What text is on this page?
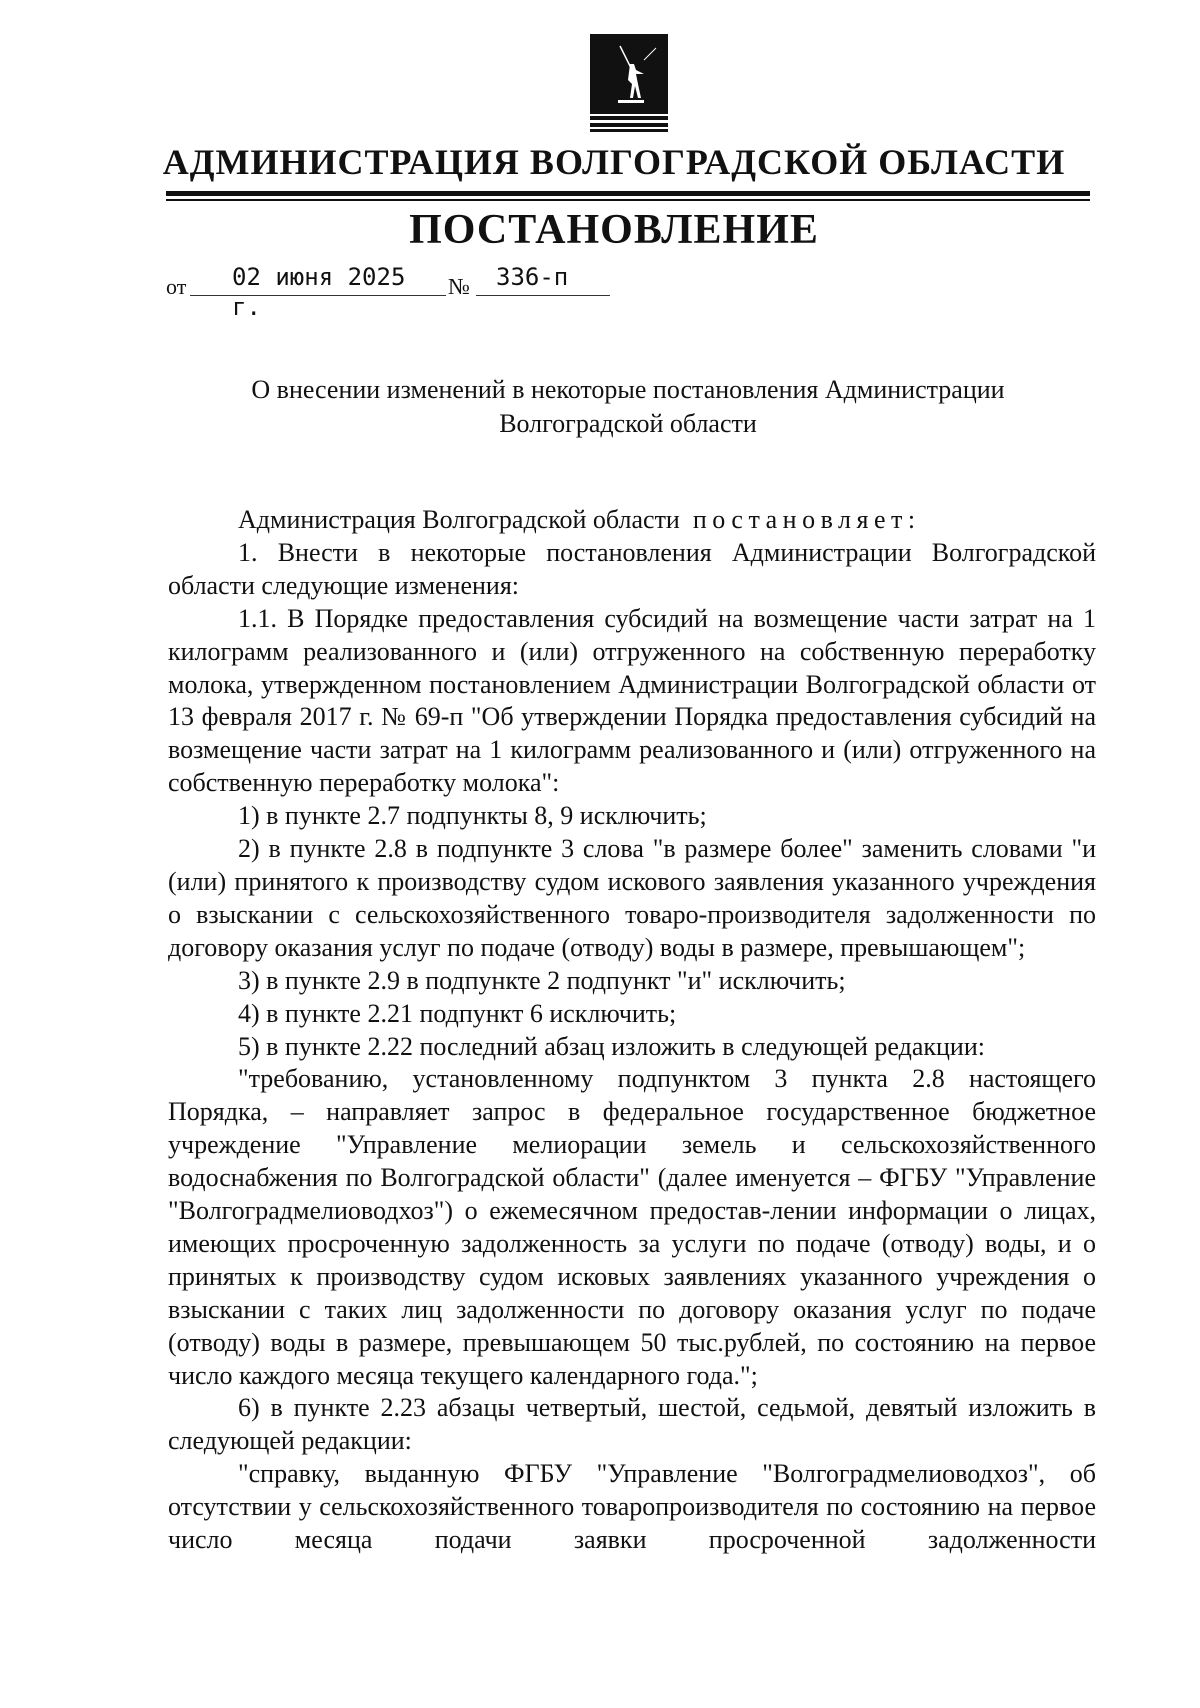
АДМИНИСТРАЦИЯ ВОЛГОГРАДСКОЙ ОБЛАСТИ
ПОСТАНОВЛЕНИЕ
от	02 июня 2025 г.
№	336-п
О внесении изменений в некоторые постановления Администрации
Волгоградской области

Администрация Волгоградской области постановляет:

1. Внести в некоторые постановления Администрации Волгоградской области следующие изменения:

1.1. В Порядке предоставления субсидий на возмещение части затрат на 1 килограмм реализованного и (или) отгруженного на собственную переработку молока, утвержденном постановлением Администрации Волгоградской области от 13 февраля 2017 г. № 69-п "Об утверждении Порядка предоставления субсидий на возмещение части затрат на 1 килограмм реализованного и (или) отгруженного на собственную переработку молока":

1) в пункте 2.7 подпункты 8, 9 исключить;

2) в пункте 2.8 в подпункте 3 слова "в размере более" заменить словами "и (или) принятого к производству судом искового заявления указанного учреждения о взыскании с сельскохозяйственного товаро-производителя задолженности по договору оказания услуг по подаче (отводу) воды в размере, превышающем";

3) в пункте 2.9 в подпункте 2 подпункт "и" исключить;

4) в пункте 2.21 подпункт 6 исключить;

5) в пункте 2.22 последний абзац изложить в следующей редакции:

"требованию, установленному подпунктом 3 пункта 2.8 настоящего Порядка, – направляет запрос в федеральное государственное бюджетное учреждение "Управление мелиорации земель и сельскохозяйственного водоснабжения по Волгоградской области" (далее именуется – ФГБУ "Управление "Волгоградмелиоводхоз") о ежемесячном предостав-лении информации о лицах, имеющих просроченную задолженность за услуги по подаче (отводу) воды, и о принятых к производству судом исковых заявлениях указанного учреждения о взыскании с таких лиц задолженности по договору оказания услуг по подаче (отводу) воды в размере, превышающем 50 тыс.рублей, по состоянию на первое число каждого месяца текущего календарного года.";

6) в пункте 2.23 абзацы четвертый, шестой, седьмой, девятый изложить в следующей редакции:

"справку, выданную ФГБУ "Управление "Волгоградмелиоводхоз", об отсутствии у сельскохозяйственного товаропроизводителя по состоянию на первое число месяца подачи заявки просроченной задолженности
